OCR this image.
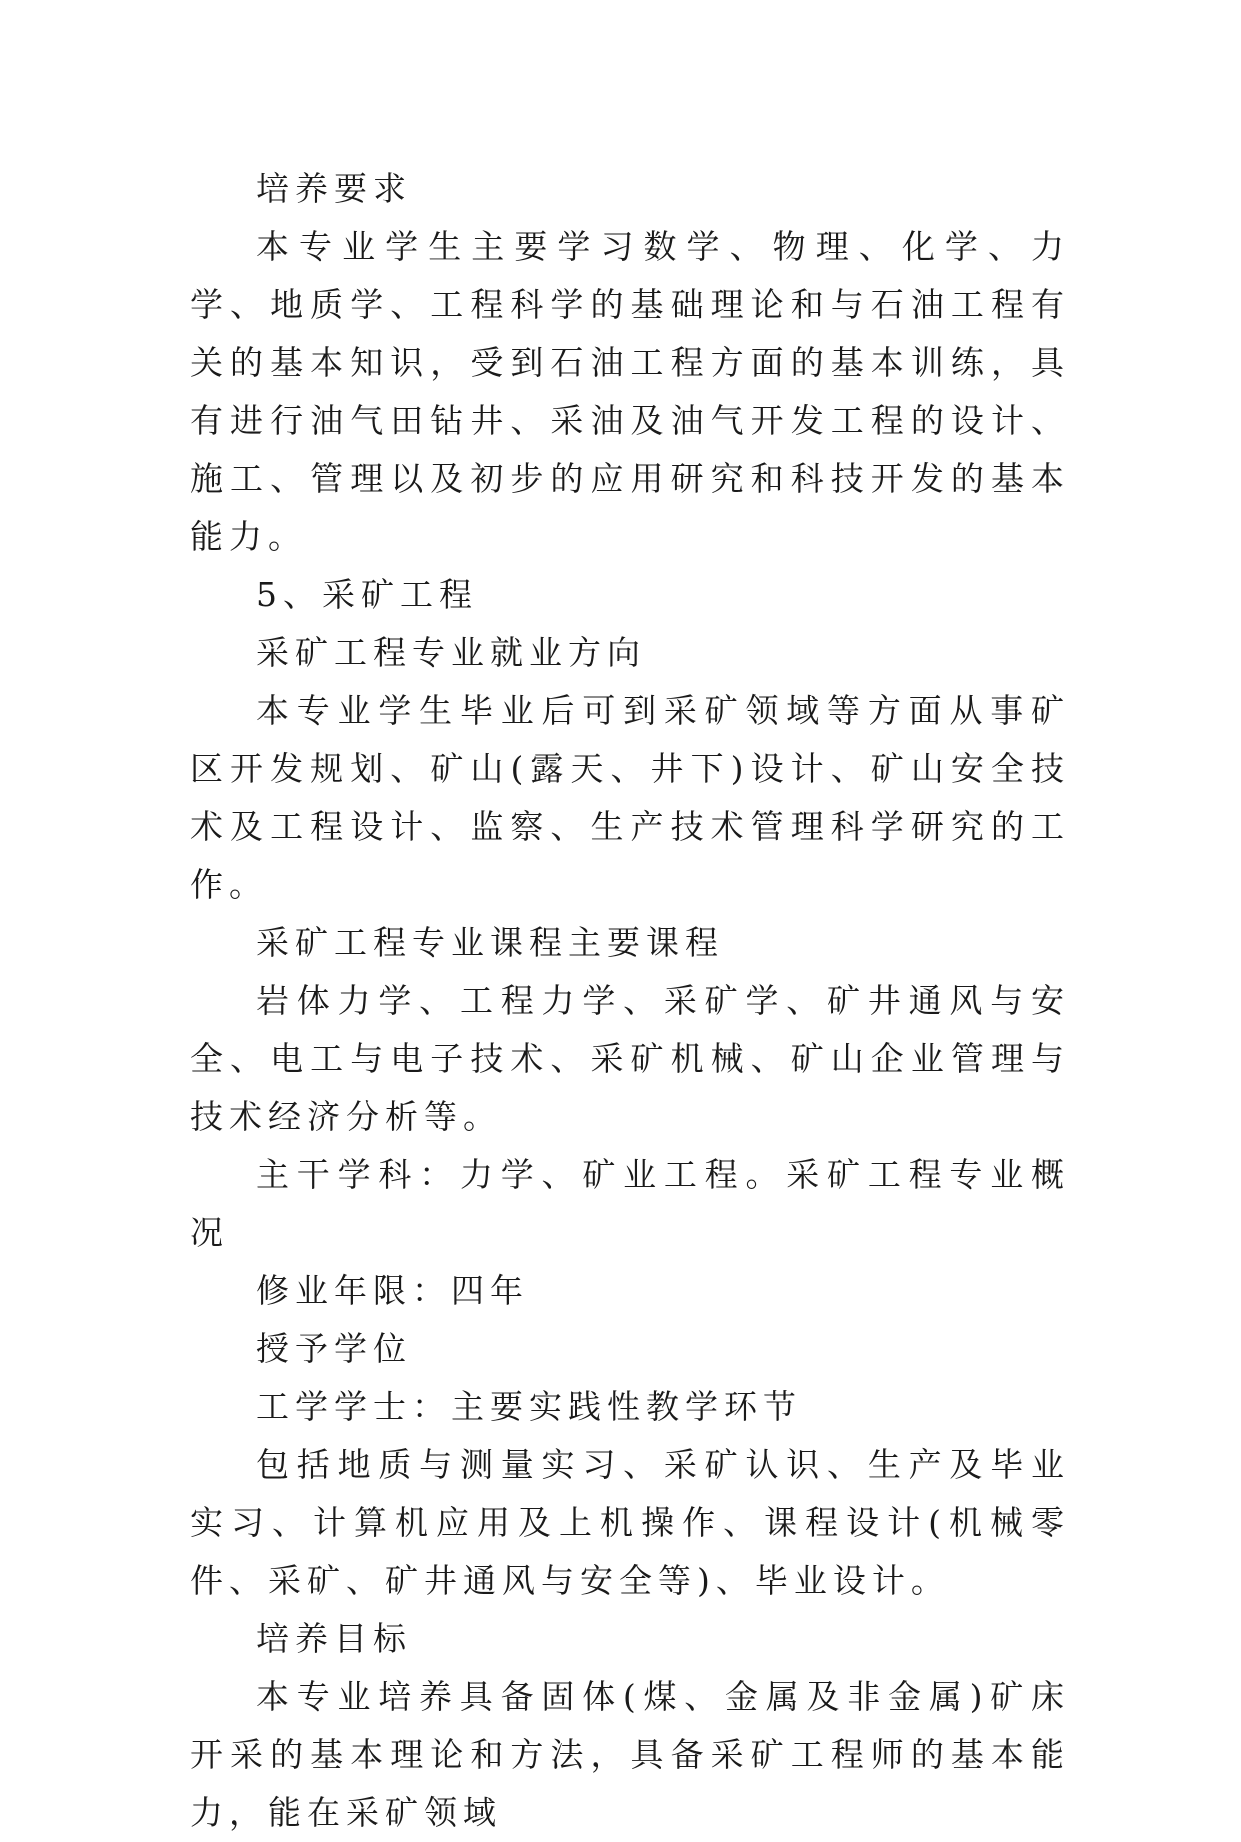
培养要求

本专业学生主要学习数学、物理、化学、力学、地质学、工程科学的基础理论和与石油工程有关的基本知识，受到石油工程方面的基本训练，具有进行油气田钻井、采油及油气开发工程的设计、施工、管理以及初步的应用研究和科技开发的基本能力。

5、采矿工程

采矿工程专业就业方向

本专业学生毕业后可到采矿领域等方面从事矿区开发规划、矿山(露天、井下)设计、矿山安全技术及工程设计、监察、生产技术管理科学研究的工作。

采矿工程专业课程主要课程

岩体力学、工程力学、采矿学、矿井通风与安全、电工与电子技术、采矿机械、矿山企业管理与技术经济分析等。

主干学科：力学、矿业工程。采矿工程专业概况

修业年限：四年

授予学位

工学学士：主要实践性教学环节

包括地质与测量实习、采矿认识、生产及毕业实习、计算机应用及上机操作、课程设计(机械零件、采矿、矿井通风与安全等)、毕业设计。

培养目标

本专业培养具备固体(煤、金属及非金属)矿床开采的基本理论和方法，具备采矿工程师的基本能力，能在采矿领域
